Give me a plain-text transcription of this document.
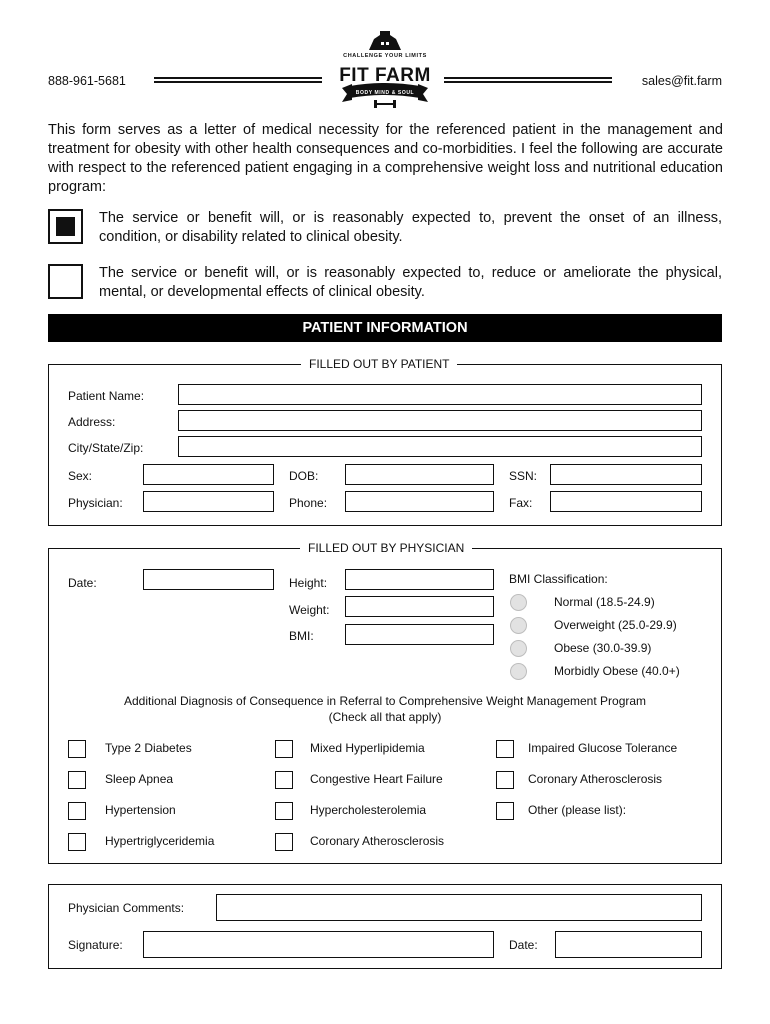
888-961-5681	sales@fit.farm
CHALLENGE YOUR LIMITS
FIT FARM
BODY MIND & SOUL
This form serves as a letter of medical necessity for the referenced patient in the management and treatment for obesity with other health consequences and co-morbidities. I feel the following are accurate with respect to the referenced patient engaging in a comprehensive weight loss and nutritional education program:
The service or benefit will, or is reasonably expected to, prevent the onset of an illness, condition, or disability related to clinical obesity.
The service or benefit will, or is reasonably expected to, reduce or ameliorate the physical, mental, or developmental effects of clinical obesity.
PATIENT INFORMATION
FILLED OUT BY PATIENT
Patient Name:
Address:
City/State/Zip:
Sex:	DOB:	SSN:
Physician:	Phone:	Fax:
FILLED OUT BY PHYSICIAN
Date:	Height:
Weight:
BMI:
BMI Classification:
Normal (18.5-24.9)
Overweight (25.0-29.9)
Obese (30.0-39.9)
Morbidly Obese (40.0+)
Additional Diagnosis of Consequence in Referral to Comprehensive Weight Management Program
(Check all that apply)
Type 2 Diabetes
Sleep Apnea
Hypertension
Hypertriglyceridemia
Mixed Hyperlipidemia
Congestive Heart Failure
Hypercholesterolemia
Coronary Atherosclerosis
Impaired Glucose Tolerance
Coronary Atherosclerosis
Other (please list):
Physician Comments:
Signature:	Date:
